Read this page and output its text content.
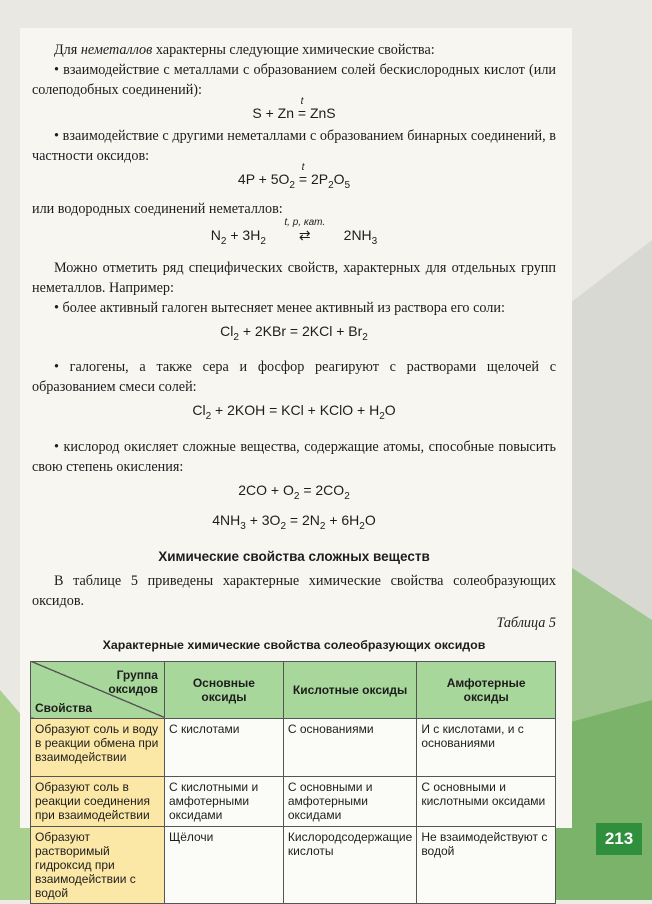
Для неметаллов характерны следующие химические свойства:

• взаимодействие с металлами с образованием солей бескислородных кислот (или солеподобных соединений):

S + Zn =
t
ZnS

• взаимодействие с другими неметаллами с образованием бинарных соединений, в частности оксидов:

$4P + 5O_2$ =
t
$2P_2O_5$

или водородных соединений неметаллов:

$N_2 + 3H_2$
t, p, кат.
⇄ $2NH_3$

Можно отметить ряд специфических свойств, характерных для отдельных групп неметаллов. Например:

• более активный галоген вытесняет менее активный из раствора его соли:

$Cl_2 + 2KBr = 2KCl + Br_2$

• галогены, а также сера и фосфор реагируют с растворами щелочей с образованием смеси солей:

$Cl_2 + 2KOH$ = KCl + KClO + $H_2O$

• кислород окисляет сложные вещества, содержащие атомы, способные повысить свою степень окисления:

$2CO + O_2 = 2CO_2$
$4NH_3 + 3O_2 = 2N_2 + 6H_2O$
Химические свойства сложных веществ

В таблице 5 приведены характерные химические свойства солеобразующих оксидов.

Таблица 5
Характерные химические свойства солеобразующих оксидов
Группа оксидов
Свойства	Основные оксиды	Кислотные оксиды	Амфотерные оксиды
Образуют соль и воду в реакции обмена при взаимодействии	С кислотами	С основаниями	И с кислотами, и с основаниями
Образуют соль в реакции соединения при взаимодействии	С кислотными и амфотерными оксидами	С основными и амфотерными оксидами	С основными и кислотными оксидами
Образуют растворимый гидроксид при взаимодействии с водой	Щёлочи	Кислородсодержащие кислоты	Не взаимодействуют с водой
213
